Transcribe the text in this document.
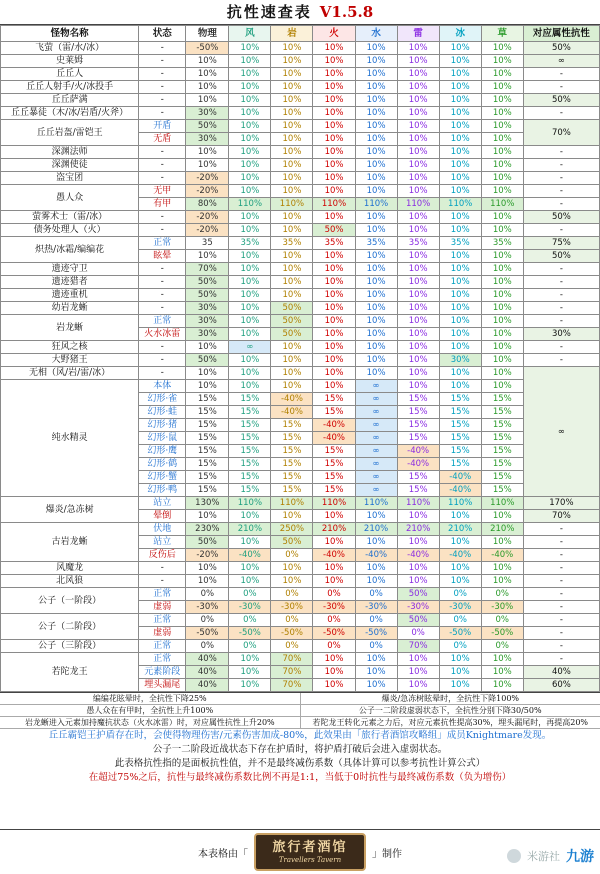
抗性速查表 V1.5.8
怪物名称	状态	物理	风	岩	火	水	雷	冰	草	对应属性抗性
飞萤（雷/水/冰）	-	-50%	10%	10%	10%	10%	10%	10%	10%	50%
史莱姆	-	10%	10%	10%	10%	10%	10%	10%	10%	∞
丘丘人	-	10%	10%	10%	10%	10%	10%	10%	10%	-
丘丘人射手/火/冰投手	-	10%	10%	10%	10%	10%	10%	10%	10%	-
丘丘萨满	-	10%	10%	10%	10%	10%	10%	10%	10%	50%
丘丘暴徒（木/冰/岩盾/火斧）	-	30%	10%	10%	10%	10%	10%	10%	10%	-
丘丘岩盔/雷铠王	开盾	50%	10%	10%	10%	10%	10%	10%	10%	70%
	无盾	30%	10%	10%	10%	10%	10%	10%	10%	
深渊法师	-	10%	10%	10%	10%	10%	10%	10%	10%	-
深渊使徒	-	10%	10%	10%	10%	10%	10%	10%	10%	-
盗宝团	-	-20%	10%	10%	10%	10%	10%	10%	10%	-
愚人众	无甲	-20%	10%	10%	10%	10%	10%	10%	10%	-
	有甲	80%	110%	110%	110%	110%	110%	110%	110%	-
萤雾术士（雷/冰）	-	-20%	10%	10%	10%	10%	10%	10%	10%	50%
债务处理人（火）	-	-20%	10%	10%	50%	10%	10%	10%	10%	-
炽热/冰霜/编编花	正常	35	35%	35%	35%	35%	35%	35%	35%	75%
	眩晕	10%	10%	10%	10%	10%	10%	10%	10%	50%
遗迹守卫	-	70%	10%	10%	10%	10%	10%	10%	10%	-
遗迹猎者	-	50%	10%	10%	10%	10%	10%	10%	10%	-
遗迹重机	-	50%	10%	10%	10%	10%	10%	10%	10%	-
幼岩龙蜥	-	30%	10%	50%	10%	10%	10%	10%	10%	-
岩龙蜥	正常	30%	10%	50%	10%	10%	10%	10%	10%	-
	火水冰雷	30%	10%	50%	10%	10%	10%	10%	10%	30%
狂风之核	-	10%	∞	10%	10%	10%	10%	10%	10%	-
大野猪王	-	50%	10%	10%	10%	10%	10%	30%	10%	-
无相（风/岩/雷/冰）	-	10%	10%	10%	10%	10%	10%	10%	10%	∞
纯水精灵	本体	10%	10%	10%	10%	∞	10%	10%	10%	
	幻形·雀	15%	15%	-40%	15%	∞	15%	15%	15%	
	幻形·蛙	15%	15%	-40%	15%	∞	15%	15%	15%	
	幻形·猪	15%	15%	15%	-40%	∞	15%	15%	15%	
	幻形·鼠	15%	15%	15%	-40%	∞	15%	15%	15%	
	幻形·鹰	15%	15%	15%	15%	∞	-40%	15%	15%	
	幻形·鹤	15%	15%	15%	15%	∞	-40%	15%	15%	
	幻形·蟹	15%	15%	15%	15%	∞	15%	-40%	15%	
	幻形·鸭	15%	15%	15%	15%	∞	15%	-40%	15%	
爆炎/急冻树	站立	130%	110%	110%	110%	110%	110%	110%	110%	170%
	晕倒	10%	10%	10%	10%	10%	10%	10%	10%	70%
古岩龙蜥	伏地	230%	210%	250%	210%	210%	210%	210%	210%	-
	站立	50%	10%	50%	10%	10%	10%	10%	10%	-
	反伤后	-20%	-40%	0%	-40%	-40%	-40%	-40%	-40%	-
风魔龙	-	10%	10%	10%	10%	10%	10%	10%	10%	-
北风狼	-	10%	10%	10%	10%	10%	10%	10%	10%	-
公子（一阶段）	正常	0%	0%	0%	0%	0%	50%	0%	0%	-
	虚弱	-30%	-30%	-30%	-30%	-30%	-30%	-30%	-30%	-
公子（二阶段）	正常	0%	0%	0%	0%	0%	50%	0%	0%	-
	虚弱	-50%	-50%	-50%	-50%	-50%	0%	-50%	-50%	-
公子（三阶段）	正常	0%	0%	0%	0%	0%	70%	0%	0%	-
若陀龙王	正常	40%	10%	70%	10%	10%	10%	10%	10%	-
	元素阶段	40%	10%	70%	10%	10%	10%	10%	10%	40%
	埋头漏尾	40%	10%	70%	10%	10%	10%	10%	10%	60%
编编花眩晕时，全抗性下降25%	爆炎/急冻树眩晕时，全抗性下降100%
愚人众在有甲时，全抗性上升100%	公子一二阶段虚弱状态下，全抗性分别下降30/50%
岩龙蜥进入元素加持魔抗状态（火水冰雷）时，对应属性抗性上升20%	若陀龙王转化元素之力后，对应元素抗性提高30%，埋头漏尾时，再提高20%
丘丘霸铠王护盾存在时，会使得物理伤害/元素伤害加成-80%，此效果由「旅行者酒馆攻略组」成员Knightmare发现。
公子一二阶段近战状态下存在护盾时，将护盾打破后会进入虚弱状态。
此表格抗性指的是面板抗性值，并不是最终减伤系数（具体计算可以参考抗性计算公式）
在超过75%之后，抗性与最终减伤系数比例不再是1:1，当低于0时抗性与最终减伤系数（负为增伤）
本表格由「 旅行者酒馆
Travellers Tavern	」制作	米游社 九游
